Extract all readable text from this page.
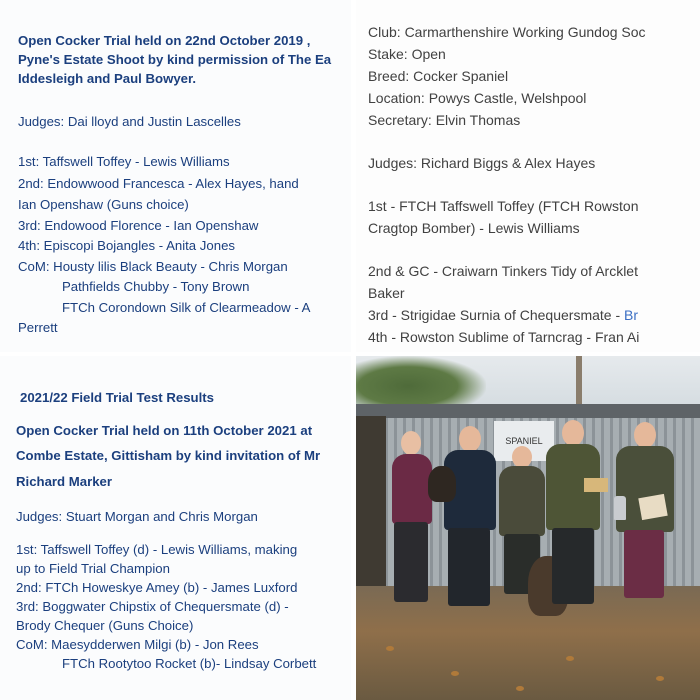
Open Cocker Trial held on 22nd October 2019 ,
Pyne's Estate Shoot by kind permission of The Ea
Iddesleigh and Paul Bowyer.
Judges: Dai lloyd and Justin Lascelles
1st: Taffswell Toffey - Lewis Williams
2nd: Endowwood Francesca - Alex Hayes, hand
Ian Openshaw (Guns choice)
3rd: Endowood Florence - Ian Openshaw
4th: Episcopi Bojangles - Anita Jones
CoM: Housty lilis Black Beauty - Chris Morgan
Pathfields Chubby - Tony Brown
FTCh Corondown Silk of Clearmeadow - A
Perrett
Club: Carmarthenshire Working Gundog Soc
Stake: Open
Breed: Cocker Spaniel
Location: Powys Castle, Welshpool
Secretary: Elvin Thomas
Judges: Richard Biggs & Alex Hayes
1st - FTCH Taffswell Toffey (FTCH Rowston
Cragtop Bomber) - Lewis Williams
2nd & GC - Craiwarn Tinkers Tidy of Arcklet
Baker
3rd - Strigidae Surnia of Chequersmate - Br
4th - Rowston Sublime of Tarncrag - Fran Ai
2021/22 Field Trial Test Results
Open Cocker Trial held on 11th October 2021 at
Combe Estate, Gittisham by kind invitation of Mr
Richard Marker
Judges: Stuart Morgan and Chris Morgan
1st: Taffswell Toffey (d) - Lewis Williams, making
up to Field Trial Champion
2nd: FTCh Howeskye Amey (b) - James Luxford
3rd: Boggwater Chipstix of Chequersmate (d) -
Brody Chequer (Guns Choice)
CoM: Maesydderwen Milgi (b) - Jon Rees
FTCh Rootytoo Rocket (b)- Lindsay Corbett
SPANIEL
